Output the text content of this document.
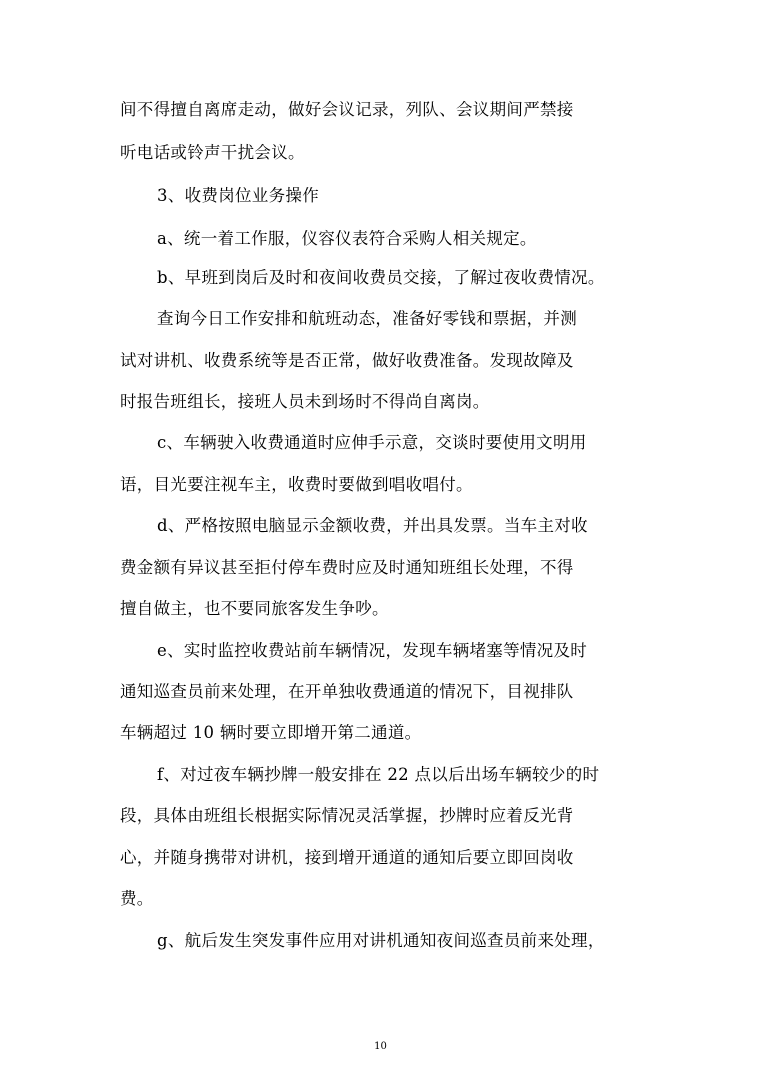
间不得擅自离席走动，做好会议记录，列队、会议期间严禁接
听电话或铃声干扰会议。
3、收费岗位业务操作
a、统一着工作服，仪容仪表符合采购人相关规定。
b、早班到岗后及时和夜间收费员交接，了解过夜收费情况。
查询今日工作安排和航班动态，准备好零钱和票据，并测
试对讲机、收费系统等是否正常，做好收费准备。发现故障及
时报告班组长，接班人员未到场时不得尚自离岗。
c、车辆驶入收费通道时应伸手示意，交谈时要使用文明用
语，目光要注视车主，收费时要做到唱收唱付。
d、严格按照电脑显示金额收费，并出具发票。当车主对收
费金额有异议甚至拒付停车费时应及时通知班组长处理，不得
擅自做主，也不要同旅客发生争吵。
e、实时监控收费站前车辆情况，发现车辆堵塞等情况及时
通知巡查员前来处理，在开单独收费通道的情况下，目视排队
车辆超过 10 辆时要立即增开第二通道。
f、对过夜车辆抄牌一般安排在 22 点以后出场车辆较少的时
段，具体由班组长根据实际情况灵活掌握，抄牌时应着反光背
心，并随身携带对讲机，接到增开通道的通知后要立即回岗收
费。
g、航后发生突发事件应用对讲机通知夜间巡查员前来处理，
10
